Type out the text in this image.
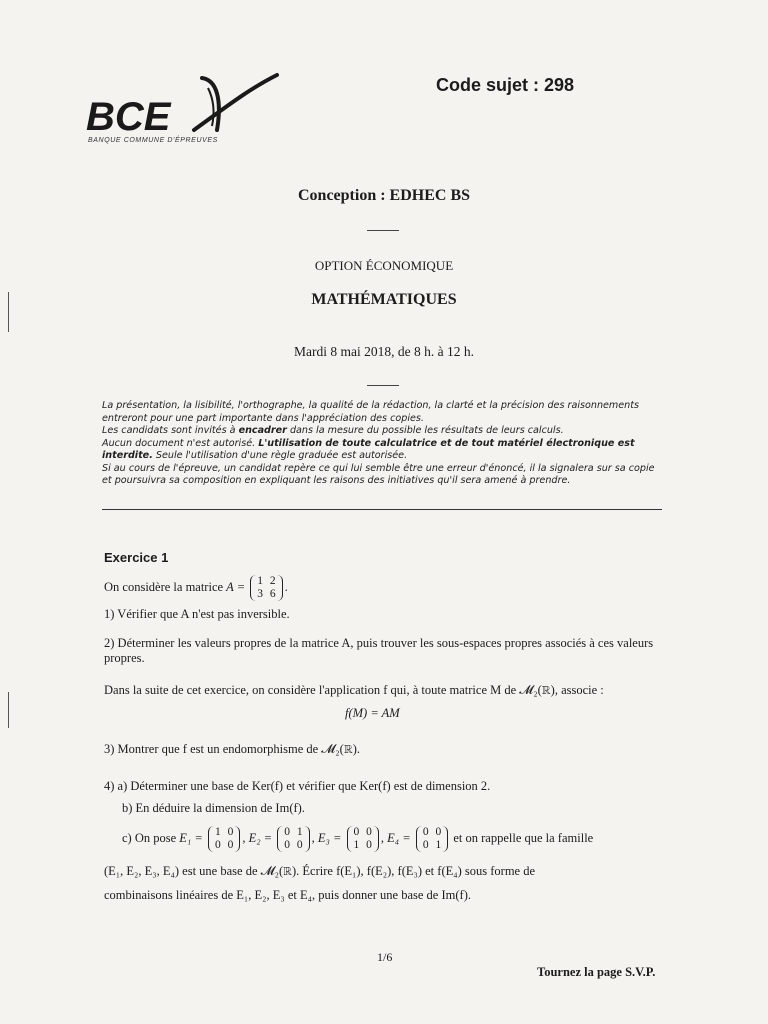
BCE
BANQUE COMMUNE D'ÉPREUVES
Code sujet : 298
Conception : EDHEC BS
OPTION ÉCONOMIQUE
MATHÉMATIQUES
Mardi 8 mai 2018, de 8 h. à 12 h.

La présentation, la lisibilité, l'orthographe, la qualité de la rédaction, la clarté et la précision des raisonnements entreront pour une part importante dans l'appréciation des copies.

Les candidats sont invités à encadrer dans la mesure du possible les résultats de leurs calculs.

Aucun document n'est autorisé. L'utilisation de toute calculatrice et de tout matériel électronique est interdite. Seule l'utilisation d'une règle graduée est autorisée.

Si au cours de l'épreuve, un candidat repère ce qui lui semble être une erreur d'énoncé, il la signalera sur sa copie et poursuivra sa composition en expliquant les raisons des initiatives qu'il sera amené à prendre.

Exercice 1
On considère la matrice A = 1 2
3 6
.
1) Vérifier que A n'est pas inversible.
2) Déterminer les valeurs propres de la matrice A, puis trouver les sous-espaces propres associés à ces valeurs propres.
Dans la suite de cet exercice, on considère l'application f qui, à toute matrice M de 𝓜₂(ℝ), associe :
f(M) = AM
3) Montrer que f est un endomorphisme de 𝓜₂(ℝ).
4) a) Déterminer une base de Ker(f) et vérifier que Ker(f) est de dimension 2.
b) En déduire la dimension de Im(f).
c) On pose E₁ = 1 0
0 0
, E₂ = 0 1
0 0
, E₃ = 0 0
1 0
, E₄ = 0 0
0 1
et on rappelle que la famille
(E₁, E₂, E₃, E₄) est une base de 𝓜₂(ℝ). Écrire f(E₁), f(E₂), f(E₃) et f(E₄) sous forme de
combinaisons linéaires de E₁, E₂, E₃ et E₄, puis donner une base de Im(f).
1/6
Tournez la page S.V.P.
